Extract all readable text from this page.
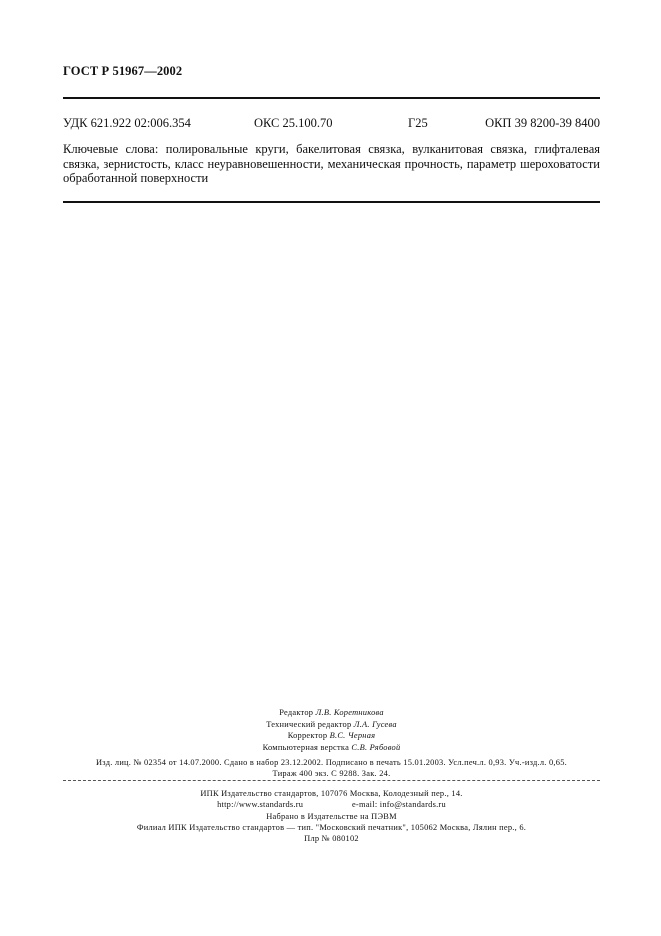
ГОСТ Р 51967—2002
УДК 621.922 02:006.354	ОКС 25.100.70	Г25	ОКП 39 8200-39 8400
Ключевые слова: полировальные круги, бакелитовая связка, вулканитовая связка, глифталевая связка, зернистость, класс неуравновешенности, механическая прочность, параметр шероховатости обработанной поверхности
Редактор Л.В. Коретникова
Технический редактор Л.А. Гусева
Корректор В.С. Черная
Компьютерная верстка С.В. Рябовой
Изд. лиц. № 02354 от 14.07.2000. Сдано в набор 23.12.2002. Подписано в печать 15.01.2003. Усл.печ.л. 0,93. Уч.-изд.л. 0,65.
Тираж 400 экз. С 9288. Зак. 24.
ИПК Издательство стандартов, 107076 Москва, Колодезный пер., 14.
http://www.standards.ru	e-mail: info@standards.ru
Набрано в Издательстве на ПЭВМ
Филиал ИПК Издательство стандартов — тип. "Московский печатник", 105062 Москва, Лялин пер., 6.
Плр № 080102
